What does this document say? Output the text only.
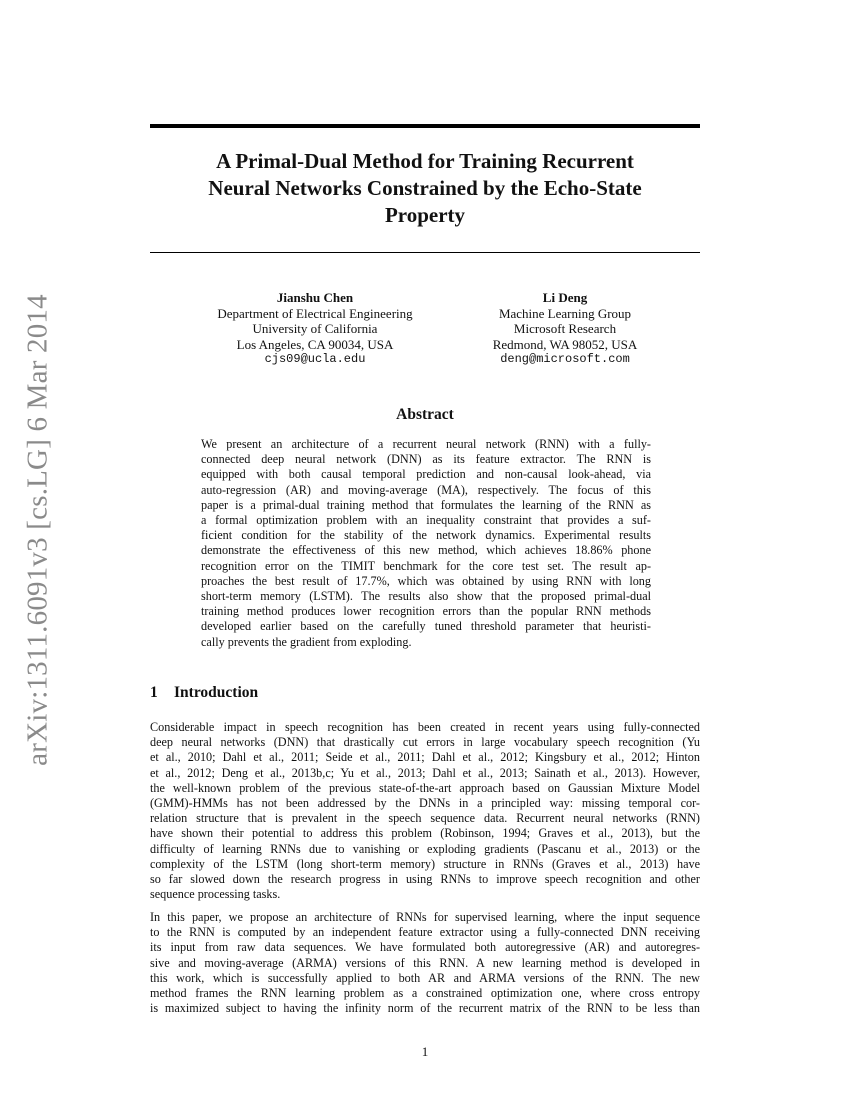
arXiv:1311.6091v3 [cs.LG] 6 Mar 2014
A Primal-Dual Method for Training Recurrent
Neural Networks Constrained by the Echo-State
Property
Jianshu Chen
Department of Electrical Engineering
University of California
Los Angeles, CA 90034, USA
cjs09@ucla.edu
Li Deng
Machine Learning Group
Microsoft Research
Redmond, WA 98052, USA
deng@microsoft.com
Abstract
We present an architecture of a recurrent neural network (RNN) with a fully-
connected deep neural network (DNN) as its feature extractor. The RNN is
equipped with both causal temporal prediction and non-causal look-ahead, via
auto-regression (AR) and moving-average (MA), respectively. The focus of this
paper is a primal-dual training method that formulates the learning of the RNN as
a formal optimization problem with an inequality constraint that provides a suf-
ficient condition for the stability of the network dynamics. Experimental results
demonstrate the effectiveness of this new method, which achieves 18.86% phone
recognition error on the TIMIT benchmark for the core test set. The result ap-
proaches the best result of 17.7%, which was obtained by using RNN with long
short-term memory (LSTM). The results also show that the proposed primal-dual
training method produces lower recognition errors than the popular RNN methods
developed earlier based on the carefully tuned threshold parameter that heuristi-
cally prevents the gradient from exploding.
1 Introduction
Considerable impact in speech recognition has been created in recent years using fully-connected
deep neural networks (DNN) that drastically cut errors in large vocabulary speech recognition (Yu
et al., 2010; Dahl et al., 2011; Seide et al., 2011; Dahl et al., 2012; Kingsbury et al., 2012; Hinton
et al., 2012; Deng et al., 2013b,c; Yu et al., 2013; Dahl et al., 2013; Sainath et al., 2013). However,
the well-known problem of the previous state-of-the-art approach based on Gaussian Mixture Model
(GMM)-HMMs has not been addressed by the DNNs in a principled way: missing temporal cor-
relation structure that is prevalent in the speech sequence data. Recurrent neural networks (RNN)
have shown their potential to address this problem (Robinson, 1994; Graves et al., 2013), but the
difficulty of learning RNNs due to vanishing or exploding gradients (Pascanu et al., 2013) or the
complexity of the LSTM (long short-term memory) structure in RNNs (Graves et al., 2013) have
so far slowed down the research progress in using RNNs to improve speech recognition and other
sequence processing tasks.
In this paper, we propose an architecture of RNNs for supervised learning, where the input sequence
to the RNN is computed by an independent feature extractor using a fully-connected DNN receiving
its input from raw data sequences. We have formulated both autoregressive (AR) and autoregres-
sive and moving-average (ARMA) versions of this RNN. A new learning method is developed in
this work, which is successfully applied to both AR and ARMA versions of the RNN. The new
method frames the RNN learning problem as a constrained optimization one, where cross entropy
is maximized subject to having the infinity norm of the recurrent matrix of the RNN to be less than
1
